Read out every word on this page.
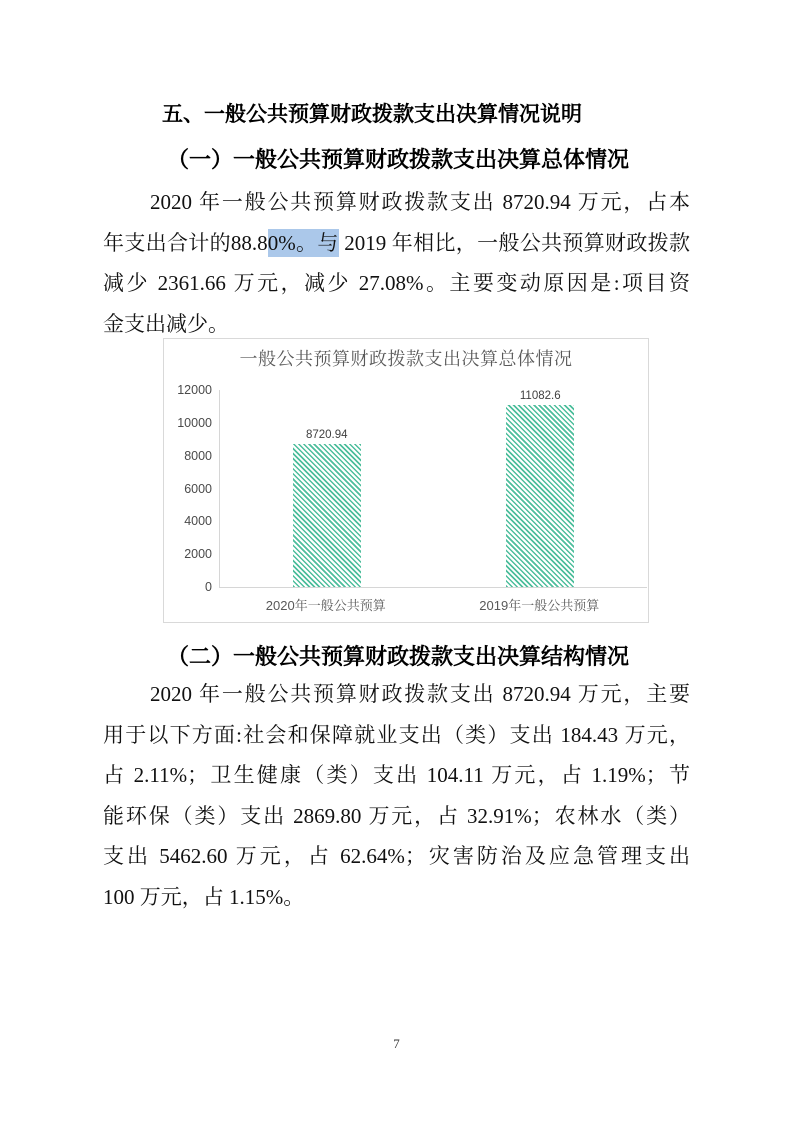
五、一般公共预算财政拨款支出决算情况说明
（一）一般公共预算财政拨款支出决算总体情况
2020 年一般公共预算财政拨款支出 8720.94 万元，占本
年支出合计的88.80%。与 2019 年相比，一般公共预算财政拨款
减少 2361.66 万元，减少 27.08%。主要变动原因是:项目资
金支出减少。
一般公共预算财政拨款支出决算总体情况
12000
10000
8000
6000
4000
2000
0
8720.94
11082.6
2020年一般公共预算	2019年一般公共预算
（二）一般公共预算财政拨款支出决算结构情况
2020 年一般公共预算财政拨款支出 8720.94 万元，主要
用于以下方面:社会和保障就业支出（类）支出 184.43 万元，
占 2.11%；卫生健康（类）支出 104.11 万元，占 1.19%；节
能环保（类）支出 2869.80 万元，占 32.91%；农林水（类）
支出 5462.60 万元，占 62.64%；灾害防治及应急管理支出
100 万元，占 1.15%。
7
